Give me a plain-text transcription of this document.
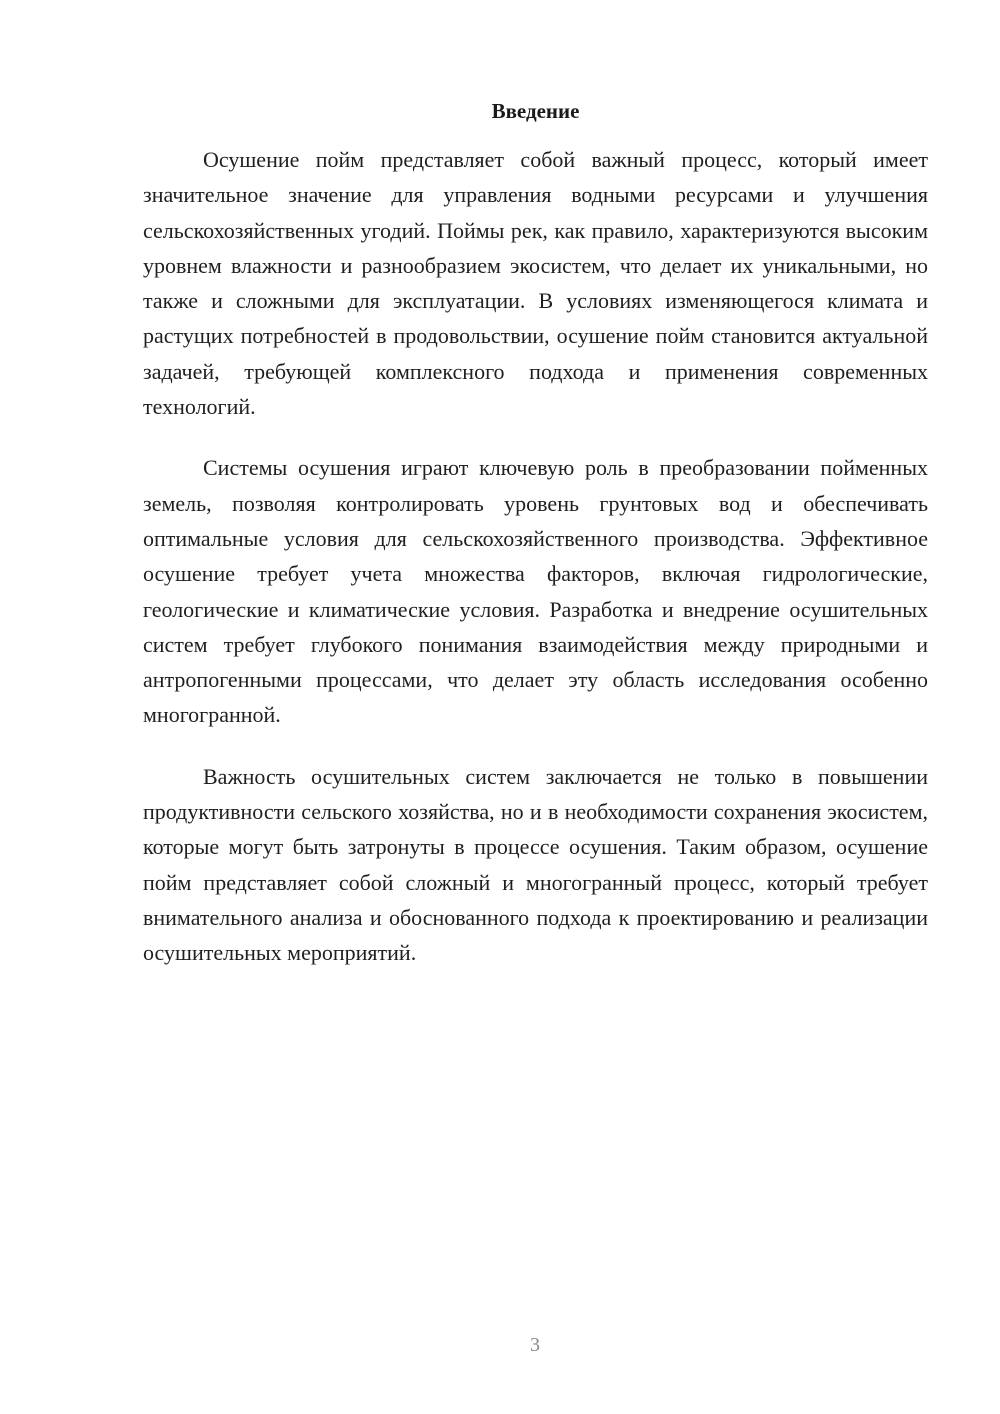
Введение

Осушение пойм представляет собой важный процесс, который имеет значительное значение для управления водными ресурсами и улучшения сельскохозяйственных угодий. Поймы рек, как правило, характеризуются высоким уровнем влажности и разнообразием экосистем, что делает их уникальными, но также и сложными для эксплуатации. В условиях изменяющегося климата и растущих потребностей в продовольствии, осушение пойм становится актуальной задачей, требующей комплексного подхода и применения современных технологий.

Системы осушения играют ключевую роль в преобразовании пойменных земель, позволяя контролировать уровень грунтовых вод и обеспечивать оптимальные условия для сельскохозяйственного производства. Эффективное осушение требует учета множества факторов, включая гидрологические, геологические и климатические условия. Разработка и внедрение осушительных систем требует глубокого понимания взаимодействия между природными и антропогенными процессами, что делает эту область исследования особенно многогранной.

Важность осушительных систем заключается не только в повышении продуктивности сельского хозяйства, но и в необходимости сохранения экосистем, которые могут быть затронуты в процессе осушения. Таким образом, осушение пойм представляет собой сложный и многогранный процесс, который требует внимательного анализа и обоснованного подхода к проектированию и реализации осушительных мероприятий.

3
